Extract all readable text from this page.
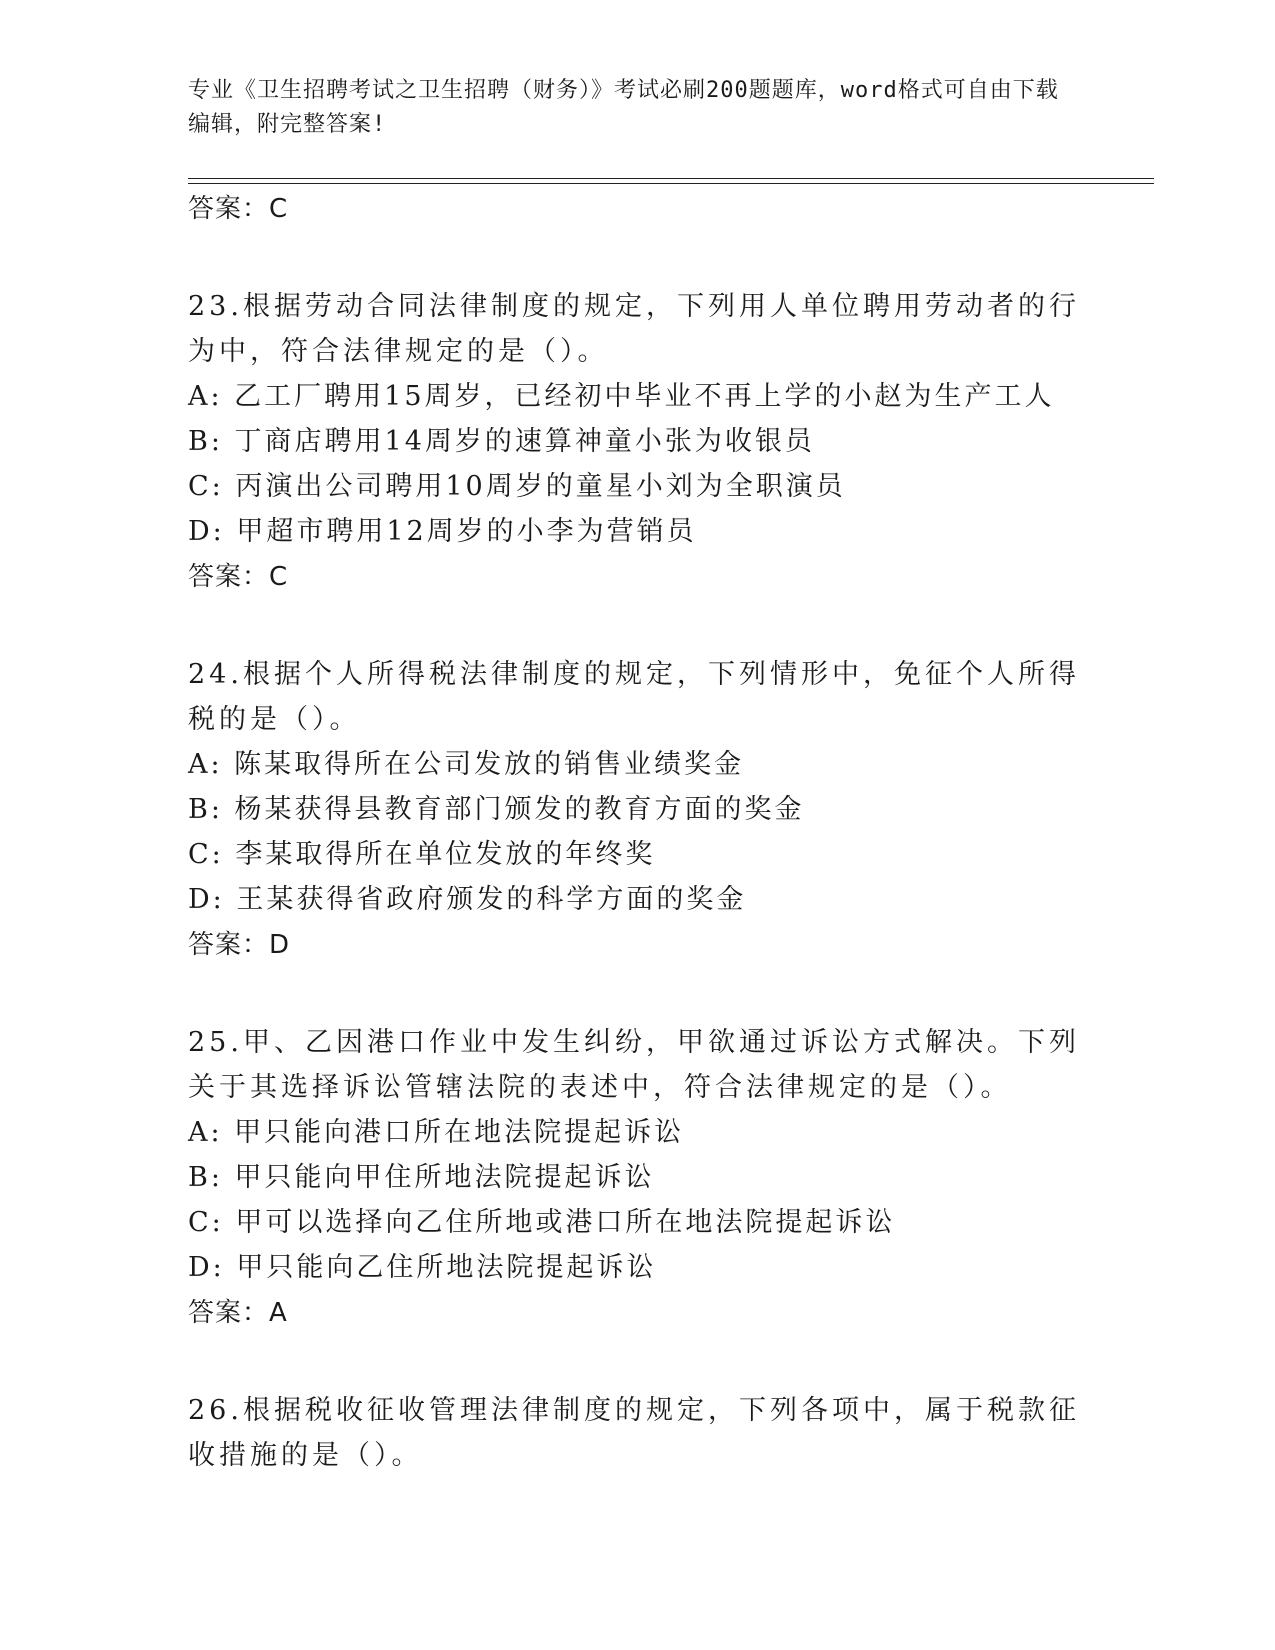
专业《卫生招聘考试之卫生招聘（财务）》考试必刷200题题库，word格式可自由下载编辑，附完整答案!

答案：C

23.根据劳动合同法律制度的规定，下列用人单位聘用劳动者的行为中，符合法律规定的是（）。

A: 乙工厂聘用15周岁，已经初中毕业不再上学的小赵为生产工人

B: 丁商店聘用14周岁的速算神童小张为收银员

C: 丙演出公司聘用10周岁的童星小刘为全职演员

D: 甲超市聘用12周岁的小李为营销员

答案：C

24.根据个人所得税法律制度的规定，下列情形中，免征个人所得税的是（）。

A: 陈某取得所在公司发放的销售业绩奖金

B: 杨某获得县教育部门颁发的教育方面的奖金

C: 李某取得所在单位发放的年终奖

D: 王某获得省政府颁发的科学方面的奖金

答案：D

25.甲、乙因港口作业中发生纠纷，甲欲通过诉讼方式解决。下列关于其选择诉讼管辖法院的表述中，符合法律规定的是（）。

A: 甲只能向港口所在地法院提起诉讼

B: 甲只能向甲住所地法院提起诉讼

C: 甲可以选择向乙住所地或港口所在地法院提起诉讼

D: 甲只能向乙住所地法院提起诉讼

答案：A

26.根据税收征收管理法律制度的规定，下列各项中，属于税款征收措施的是（）。
